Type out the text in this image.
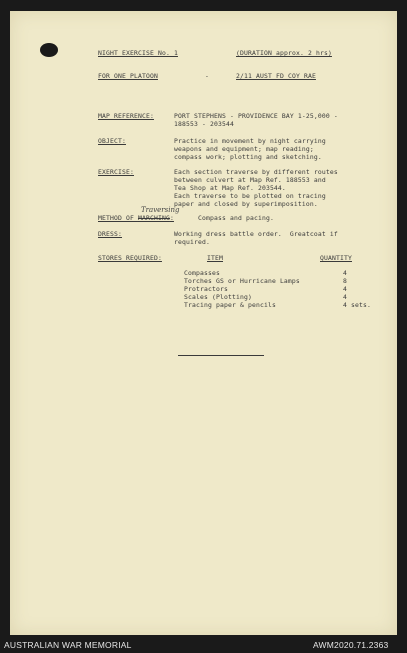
NIGHT EXERCISE No. 1	(DURATION approx. 2 hrs)
FOR ONE PLATOON	-	2/11 AUST FD COY RAE
MAP REFERENCE:	PORT STEPHENS - PROVIDENCE BAY 1-25,000 -
188553 - 203544
OBJECT:	Practice in movement by night carrying
weapons and equipment; map reading;
compass work; plotting and sketching.
EXERCISE:	Each section traverse by different routes
between culvert at Map Ref. 188553 and
Tea Shop at Map Ref. 203544.
Each traverse to be plotted on tracing
paper and closed by superimposition.
Traversing
METHOD OF MARCHING:	Compass and pacing.
DRESS:	Working dress battle order.  Greatcoat if
required.
STORES REQUIRED:	ITEM	QUANTITY
Compasses	4
Torches GS or Hurricane Lamps	8
Protractors	4
Scales (Plotting)	4
Tracing paper & pencils	4 sets.
AUSTRALIAN WAR MEMORIAL	AWM2020.71.2363
